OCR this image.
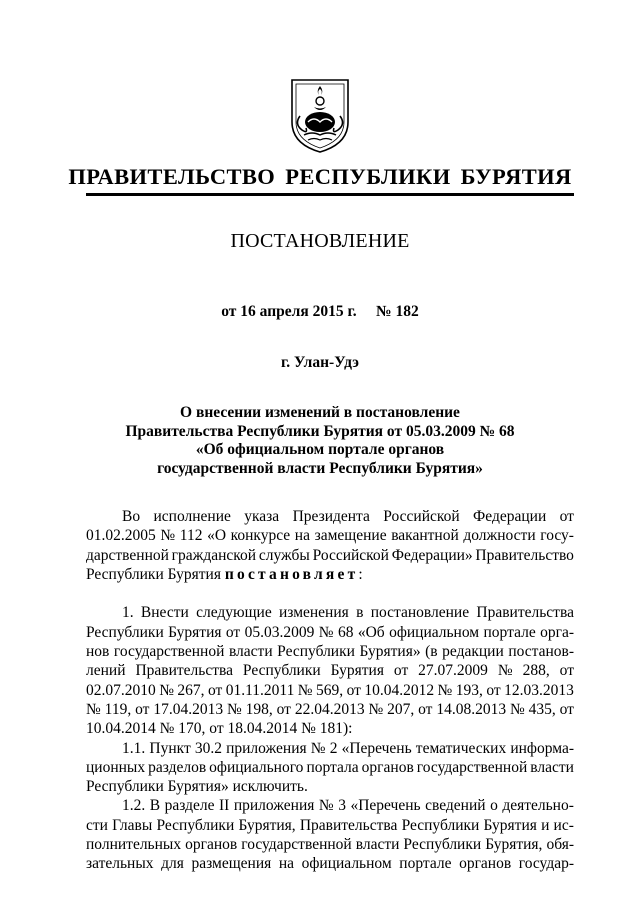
ПРАВИТЕЛЬСТВО РЕСПУБЛИКИ БУРЯТИЯ
ПОСТАНОВЛЕНИЕ
от 16 апреля 2015 г.     № 182
г. Улан-Удэ
О внесении изменений в постановление
Правительства Республики Бурятия от 05.03.2009 № 68
«Об официальном портале органов
государственной власти Республики Бурятия»
Во исполнение указа Президента Российской Федерации от
01.02.2005 № 112 «О конкурсе на замещение вакантной должности госу-
дарственной гражданской службы Российской Федерации» Правительство
Республики Бурятия постановляет:
1. Внести следующие изменения в постановление Правительства
Республики Бурятия от 05.03.2009 № 68 «Об официальном портале орга-
нов государственной власти Республики Бурятия» (в редакции постанов-
лений Правительства Республики Бурятия от 27.07.2009 № 288, от
02.07.2010 № 267, от 01.11.2011 № 569, от 10.04.2012 № 193, от 12.03.2013
№ 119, от 17.04.2013 № 198, от 22.04.2013 № 207, от 14.08.2013 № 435, от
10.04.2014 № 170, от 18.04.2014 № 181):
1.1. Пункт 30.2 приложения № 2 «Перечень тематических информа-
ционных разделов официального портала органов государственной власти
Республики Бурятия» исключить.
1.2. В разделе II приложения № 3 «Перечень сведений о деятельно-
сти Главы Республики Бурятия, Правительства Республики Бурятия и ис-
полнительных органов государственной власти Республики Бурятия, обя-
зательных для размещения на официальном портале органов государ-
